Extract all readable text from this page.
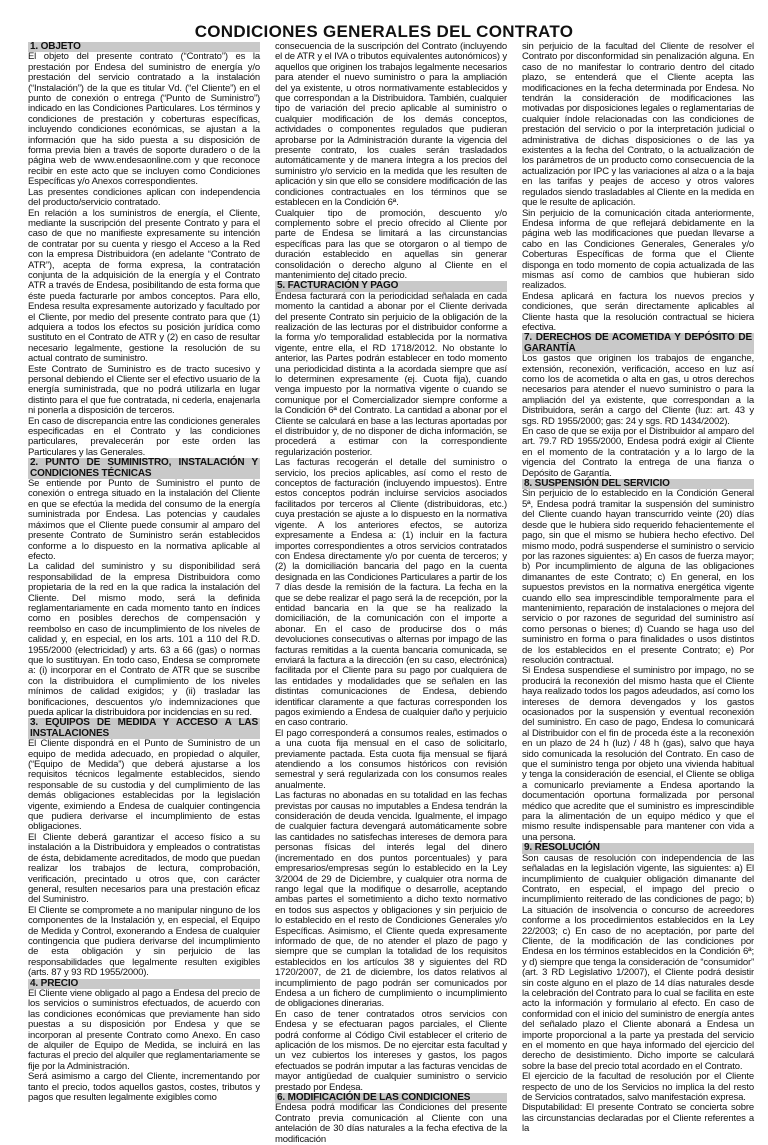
CONDICIONES GENERALES DEL CONTRATO
1. OBJETO

El objeto del presente contrato (“Contrato”) es la prestación por Endesa del suministro de energía y/o prestación del servicio contratado a la instalación (“Instalación”) de la que es titular Vd. (“el Cliente”) en el punto de conexión o entrega (“Punto de Suministro”) indicado en las Condiciones Particulares. Los términos y condiciones de prestación y coberturas específicas, incluyendo condiciones económicas, se ajustan a la información que ha sido puesta a su disposición de forma previa bien a través de soporte duradero o de la página web de www.endesaonline.com y que reconoce recibir en este acto que se incluyen como Condiciones Específicas y/o Anexos correspondientes.

Las presentes condiciones aplican con independencia del producto/servicio contratado.

En relación a los suministros de energía, el Cliente, mediante la suscripción del presente Contrato y para el caso de que no manifieste expresamente su intención de contratar por su cuenta y riesgo el Acceso a la Red con la empresa Distribuidora (en adelante “Contrato de ATR”), acepta de forma expresa, la contratación conjunta de la adquisición de la energía y el Contrato ATR a través de Endesa, posibilitando de esta forma que éste pueda facturarle por ambos conceptos. Para ello, Endesa resulta expresamente autorizado y facultado por el Cliente, por medio del presente contrato para que (1) adquiera a todos los efectos su posición jurídica como sustituto en el Contrato de ATR y (2) en caso de resultar necesario legalmente, gestione la resolución de su actual contrato de suministro.

Este Contrato de Suministro es de tracto sucesivo y personal debiendo el Cliente ser el efectivo usuario de la energía suministrada, que no podrá utilizarla en lugar distinto para el que fue contratada, ni cederla, enajenarla ni ponerla a disposición de terceros.

En caso de discrepancia entre las condiciones generales especificadas en el Contrato y las condiciones particulares, prevalecerán por este orden las Particulares y las Generales.

2. PUNTO DE SUMINISTRO, INSTALACIÓN Y CONDICIONES TÉCNICAS

Se entiende por Punto de Suministro el punto de conexión o entrega situado en la instalación del Cliente en que se efectúa la medida del consumo de la energía suministrada por Endesa. Las potencias y caudales máximos que el Cliente puede consumir al amparo del presente Contrato de Suministro serán establecidos conforme a lo dispuesto en la normativa aplicable al efecto.

La calidad del suministro y su disponibilidad será responsabilidad de la empresa Distribuidora como propietaria de la red en la que radica la instalación del Cliente. Del mismo modo, será la definida reglamentariamente en cada momento tanto en índices como en posibles derechos de compensación y reembolso en caso de incumplimiento de los niveles de calidad y, en especial, en los arts. 101 a 110 del R.D. 1955/2000 (electricidad) y arts. 63 a 66 (gas) o normas que lo sustituyan. En todo caso, Endesa se compromete a: (i) incorporar en el Contrato de ATR que se suscribe con la distribuidora el cumplimiento de los niveles mínimos de calidad exigidos; y (ii) trasladar las bonificaciones, descuentos y/o indemnizaciones que pueda aplicar la distribuidora por incidencias en su red.

3. EQUIPOS DE MEDIDA Y ACCESO A LAS INSTALACIONES

El Cliente dispondrá en el Punto de Suministro de un equipo de medida adecuado, en propiedad o alquiler, (“Equipo de Medida”) que deberá ajustarse a los requisitos técnicos legalmente establecidos, siendo responsable de su custodia y del cumplimiento de las demás obligaciones establecidas por la legislación vigente, eximiendo a Endesa de cualquier contingencia que pudiera derivarse el incumplimiento de estas obligaciones.

El Cliente deberá garantizar el acceso físico a su instalación a la Distribuidora y empleados o contratistas de ésta, debidamente acreditados, de modo que puedan realizar los trabajos de lectura, comprobación, verificación, precintado u otros que, con carácter general, resulten necesarios para una prestación eficaz del Suministro.

El Cliente se compromete a no manipular ninguno de los componentes de la Instalación y, en especial, el Equipo de Medida y Control, exonerando a Endesa de cualquier contingencia que pudiera derivarse del incumplimiento de esta obligación y sin perjuicio de las responsabilidades que legalmente resulten exigibles (arts. 87 y 93 RD 1955/2000).

4. PRECIO

El Cliente viene obligado al pago a Endesa del precio de los servicios o suministros efectuados, de acuerdo con las condiciones económicas que previamente han sido puestas a su disposición por Endesa y que se incorporan al presente Contrato como Anexo. En caso de alquiler de Equipo de Medida, se incluirá en las facturas el precio del alquiler que reglamentariamente se fije por la Administración.

Será asimismo a cargo del Cliente, incrementando por tanto el precio, todos aquellos gastos, costes, tributos y pagos que resulten legalmente exigibles como

consecuencia de la suscripción del Contrato (incluyendo el de ATR y el IVA o tributos equivalentes autonómicos) y aquellos que originen los trabajos legalmente necesarios para atender el nuevo suministro o para la ampliación del ya existente, u otros normativamente establecidos y que correspondan a la Distribuidora. También, cualquier tipo de variación del precio aplicable al suministro o cualquier modificación de los demás conceptos, actividades o componentes regulados que pudieran aprobarse por la Administración durante la vigencia del presente contrato, los cuales serán trasladados automáticamente y de manera íntegra a los precios del suministro y/o servicio en la medida que les resulten de aplicación y sin que ello se considere modificación de las condiciones contractuales en los términos que se establecen en la Condición 6ª.

Cualquier tipo de promoción, descuento y/o complemento sobre el precio ofrecido al Cliente por parte de Endesa se limitará a las circunstancias específicas para las que se otorgaron o al tiempo de duración establecido en aquellas sin generar consolidación o derecho alguno al Cliente en el mantenimiento del citado precio.

5. FACTURACIÓN Y PAGO

Endesa facturará con la periodicidad señalada en cada momento la cantidad a abonar por el Cliente derivada del presente Contrato sin perjuicio de la obligación de la realización de las lecturas por el distribuidor conforme a la forma y/o temporalidad establecida por la normativa vigente, entre ella, el RD 1718/2012. No obstante lo anterior, las Partes podrán establecer en todo momento una periodicidad distinta a la acordada siempre que así lo determinen expresamente (ej. Cuota fija), cuando venga impuesto por la normativa vigente o cuando se comunique por el Comercializador siempre conforme a la Condición 6ª del Contrato. La cantidad a abonar por el Cliente se calculará en base a las lecturas aportadas por el distribuidor y, de no disponer de dicha información, se procederá a estimar con la correspondiente regularización posterior.

Las facturas recogerán el detalle del suministro o servicio, los precios aplicables, así como el resto de conceptos de facturación (incluyendo impuestos). Entre estos conceptos podrán incluirse servicios asociados facilitados por terceros al Cliente (distribuidoras, etc.) cuya prestación se ajuste a lo dispuesto en la normativa vigente. A los anteriores efectos, se autoriza expresamente a Endesa a: (1) incluir en la factura importes correspondientes a otros servicios contratados con Endesa directamente y/o por cuenta de terceros; y (2) la domiciliación bancaria del pago en la cuenta designada en las Condiciones Particulares a partir de los 7 días desde la remisión de la factura. La fecha en la que se debe realizar el pago será la de recepción, por la entidad bancaria en la que se ha realizado la domiciliación, de la comunicación con el importe a abonar. En el caso de producirse dos o más devoluciones consecutivas o alternas por impago de las facturas remitidas a la cuenta bancaria comunicada, se enviará la factura a la dirección (en su caso, electrónica) facilitada por el Cliente para su pago por cualquiera de las entidades y modalidades que se señalen en las distintas comunicaciones de Endesa, debiendo identificar claramente a que facturas corresponden los pagos eximiendo a Endesa de cualquier daño y perjuicio en caso contrario.

El pago corresponderá a consumos reales, estimados o a una cuota fija mensual en el caso de solicitarlo, previamente pactada. Esta cuota fija mensual se fijará atendiendo a los consumos históricos con revisión semestral y será regularizada con los consumos reales anualmente.

Las facturas no abonadas en su totalidad en las fechas previstas por causas no imputables a Endesa tendrán la consideración de deuda vencida. Igualmente, el impago de cualquier factura devengará automáticamente sobre las cantidades no satisfechas intereses de demora para personas físicas del interés legal del dinero (incrementado en dos puntos porcentuales) y para empresarios/empresas según lo establecido en la Ley 3/2004 de 29 de Diciembre, y cualquier otra norma de rango legal que la modifique o desarrolle, aceptando ambas partes el sometimiento a dicho texto normativo en todos sus aspectos y obligaciones y sin perjuicio de lo establecido en el resto de Condiciones Generales y/o Específicas. Asimismo, el Cliente queda expresamente informado de que, de no atender el plazo de pago y siempre que se cumplan la totalidad de los requisitos establecidos en los artículos 38 y siguientes del RD 1720/2007, de 21 de diciembre, los datos relativos al incumplimiento de pago podrán ser comunicados por Endesa a un fichero de cumplimiento o incumplimiento de obligaciones dinerarias.

En caso de tener contratados otros servicios con Endesa y se efectuaran pagos parciales, el Cliente podrá conforme al Código Civil establecer el criterio de aplicación de los mismos. De no ejercitar esta facultad y un vez cubiertos los intereses y gastos, los pagos efectuados se podrán imputar a las facturas vencidas de mayor antigüedad de cualquier suministro o servicio prestado por Endesa.

6. MODIFICACIÓN DE LAS CONDICIONES

Endesa podrá modificar las Condiciones del presente Contrato previa comunicación al Cliente con una antelación de 30 días naturales a la fecha efectiva de la modificación

sin perjuicio de la facultad del Cliente de resolver el Contrato por disconformidad sin penalización alguna. En caso de no manifestar lo contrario dentro del citado plazo, se entenderá que el Cliente acepta las modificaciones en la fecha determinada por Endesa. No tendrán la consideración de modificaciones las motivadas por disposiciones legales o reglamentarias de cualquier índole relacionadas con las condiciones de prestación del servicio o por la interpretación judicial o administrativa de dichas disposiciones o de las ya existentes a la fecha del Contrato, o la actualización de los parámetros de un producto como consecuencia de la actualización por IPC y las variaciones al alza o a la baja en las tarifas y peajes de acceso y otros valores regulados siendo trasladables al Cliente en la medida en que le resulte de aplicación.

Sin perjuicio de la comunicación citada anteriormente, Endesa informa de que reflejará debidamente en la página web las modificaciones que puedan llevarse a cabo en las Condiciones Generales, Generales y/o Coberturas Específicas de forma que el Cliente disponga en todo momento de copia actualizada de las mismas así como de cambios que hubieran sido realizados.

Endesa aplicará en factura los nuevos precios y condiciones, que serán directamente aplicables al Cliente hasta que la resolución contractual se hiciera efectiva.

7. DERECHOS DE ACOMETIDA Y DEPÓSITO DE GARANTÍA

Los gastos que originen los trabajos de enganche, extensión, reconexión, verificación, acceso en luz así como los de acometida o alta en gas, u otros derechos necesarios para atender el nuevo suministro o para la ampliación del ya existente, que correspondan a la Distribuidora, serán a cargo del Cliente (luz: art. 43 y sgs. RD 1955/2000; gas: 24 y sgs. RD 1434/2002).

En caso de que se exija por el Distribuidor al amparo del art. 79.7 RD 1955/2000, Endesa podrá exigir al Cliente en el momento de la contratación y a lo largo de la vigencia del Contrato la entrega de una fianza o Depósito de Garantía.

8. SUSPENSIÓN DEL SERVICIO

Sin perjuicio de lo establecido en la Condición General 5ª, Endesa podrá tramitar la suspensión del suministro del Cliente cuando hayan transcurrido veinte (20) días desde que le hubiera sido requerido fehacientemente el pago, sin que el mismo se hubiera hecho efectivo. Del mismo modo, podrá suspenderse el suministro o servicio por las razones siguientes: a) En casos de fuerza mayor; b) Por incumplimiento de alguna de las obligaciones dimanantes de este Contrato; c) En general, en los supuestos previstos en la normativa energética vigente cuando ello sea imprescindible temporalmente para el mantenimiento, reparación de instalaciones o mejora del servicio o por razones de seguridad del suministro así como personas o bienes; d) Cuando se haga uso del suministro en forma o para finalidades o usos distintos de los establecidos en el presente Contrato; e) Por resolución contractual.

Si Endesa suspendiese el suministro por impago, no se producirá la reconexión del mismo hasta que el Cliente haya realizado todos los pagos adeudados, así como los intereses de demora devengados y los gastos ocasionados por la suspensión y eventual reconexión del suministro. En caso de pago, Endesa lo comunicará al Distribuidor con el fin de proceda éste a la reconexión en un plazo de 24 h (luz) / 48 h (gas), salvo que haya sido comunicada la resolución del Contrato. En caso de que el suministro tenga por objeto una vivienda habitual y tenga la consideración de esencial, el Cliente se obliga a comunicarlo previamente a Endesa aportando la documentación oportuna formalizada por personal médico que acredite que el suministro es imprescindible para la alimentación de un equipo médico y que el mismo resulte indispensable para mantener con vida a una persona.

9. RESOLUCIÓN

Son causas de resolución con independencia de las señaladas en la legislación vigente, las siguientes: a) El incumplimiento de cualquier obligación dimanante del Contrato, en especial, el impago del precio o incumplimiento reiterado de las condiciones de pago; b) La situación de insolvencia o concurso de acreedores conforme a los procedimientos establecidos en la Ley 22/2003; c) En caso de no aceptación, por parte del Cliente, de la modificación de las condiciones por Endesa en los términos establecidos en la Condición 6ª; y d) siempre que tenga la consideración de “consumidor” (art. 3 RD Legislativo 1/2007), el Cliente podrá desistir sin coste alguno en el plazo de 14 días naturales desde la celebración del Contrato para lo cual se facilita en este acto la información y formulario al efecto. En caso de conformidad con el inicio del suministro de energía antes del señalado plazo el Cliente abonará a Endesa un importe proporcional a la parte ya prestada del servicio en el momento en que haya informado del ejercicio del derecho de desistimiento. Dicho importe se calculará sobre la base del precio total acordado en el Contrato.

El ejercicio de la facultad de resolución por el Cliente respecto de uno de los Servicios no implica la del resto de Servicios contratados, salvo manifestación expresa.

Disputabilidad: El presente Contrato se concierta sobre las circunstancias declaradas por el Cliente referentes a la
